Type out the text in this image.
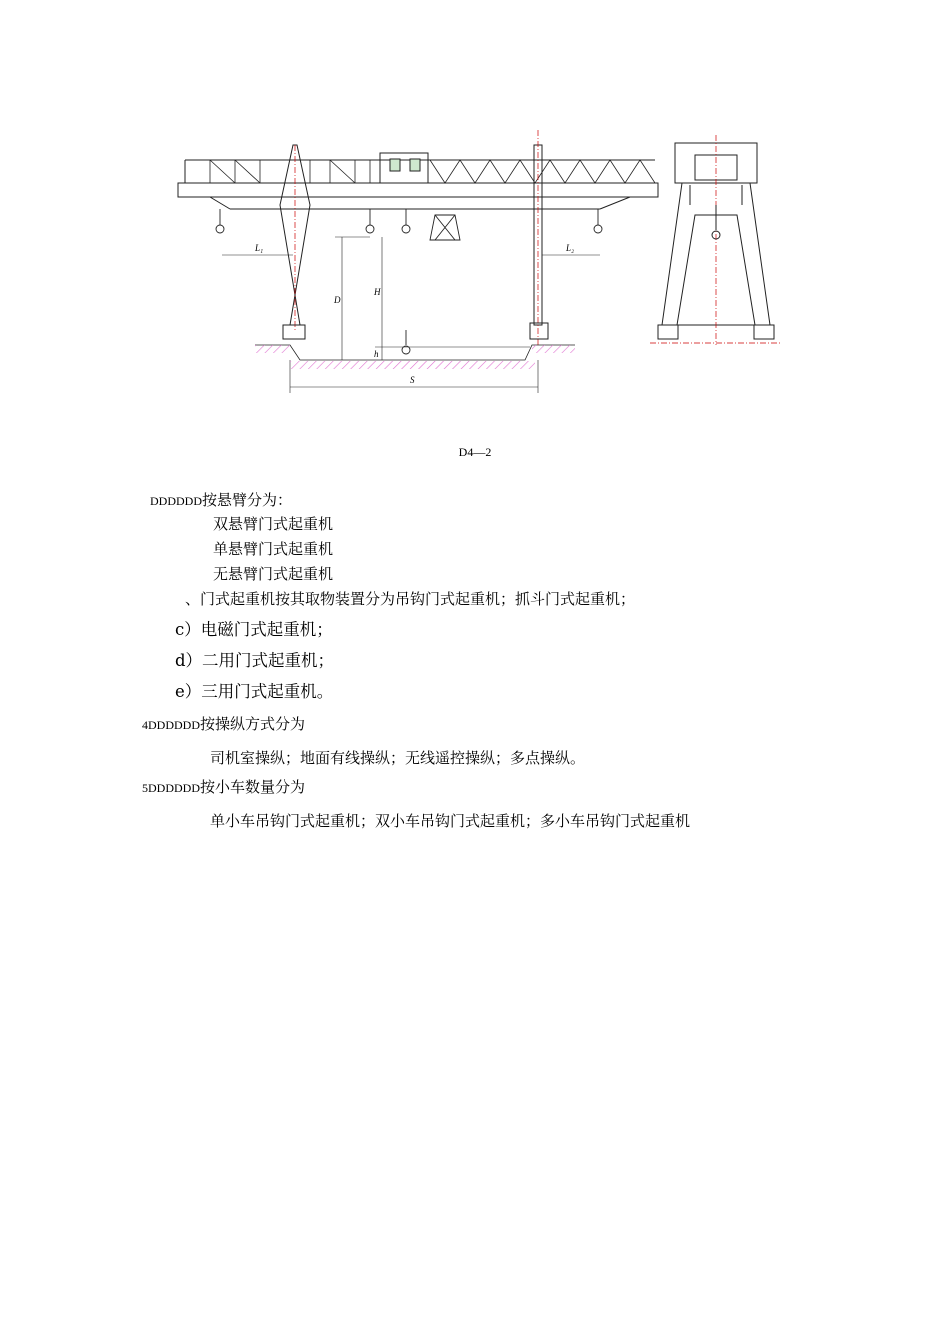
L₁	L₂
D
H
h
S
D4—2
DDDDDD按悬臂分为：
双悬臂门式起重机
单悬臂门式起重机
无悬臂门式起重机
、门式起重机按其取物装置分为吊钩门式起重机；抓斗门式起重机；
c）电磁门式起重机；
d）二用门式起重机；
e）三用门式起重机。
4DDDDDD按操纵方式分为
司机室操纵；地面有线操纵；无线遥控操纵；多点操纵。
5DDDDDD按小车数量分为
单小车吊钩门式起重机；双小车吊钩门式起重机；多小车吊钩门式起重机
